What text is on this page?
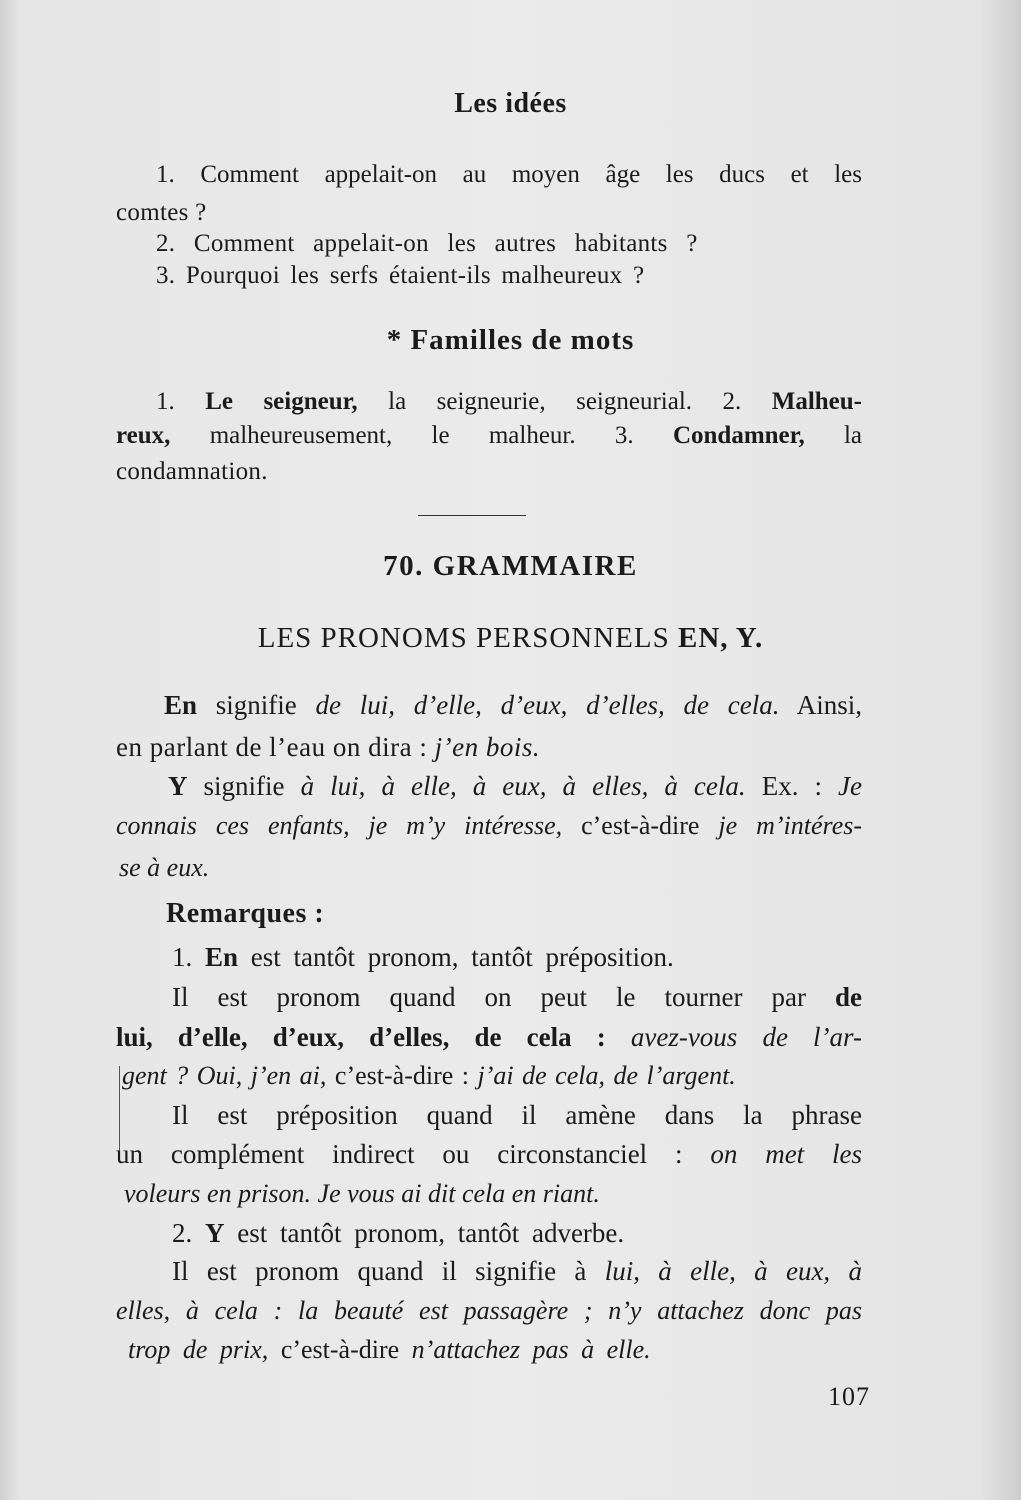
Les idées
1. Comment appelait-on au moyen âge les ducs et les
comtes ?
2. Comment appelait-on les autres habitants ?
3. Pourquoi les serfs étaient-ils malheureux ?
* Familles de mots
1. Le seigneur, la seigneurie, seigneurial. 2. Malheu-
reux, malheureusement, le malheur. 3. Condamner, la
condamnation.
70. GRAMMAIRE
LES PRONOMS PERSONNELS EN, Y.
En signifie de lui, d’elle, d’eux, d’elles, de cela. Ainsi,
en parlant de l’eau on dira : j’en bois.
Y signifie à lui, à elle, à eux, à elles, à cela. Ex. : Je
connais ces enfants, je m’y intéresse, c’est-à-dire je m’intéres-
se à eux.
Remarques :
1. En est tantôt pronom, tantôt préposition.
Il est pronom quand on peut le tourner par de
lui, d’elle, d’eux, d’elles, de cela : avez-vous de l’ar-
gent ? Oui, j’en ai, c’est-à-dire : j’ai de cela, de l’argent.
Il est préposition quand il amène dans la phrase
un complément indirect ou circonstanciel : on met les
voleurs en prison. Je vous ai dit cela en riant.
2. Y est tantôt pronom, tantôt adverbe.
Il est pronom quand il signifie à lui, à elle, à eux, à
elles, à cela : la beauté est passagère ; n’y attachez donc pas
trop de prix, c’est-à-dire n’attachez pas à elle.
107
